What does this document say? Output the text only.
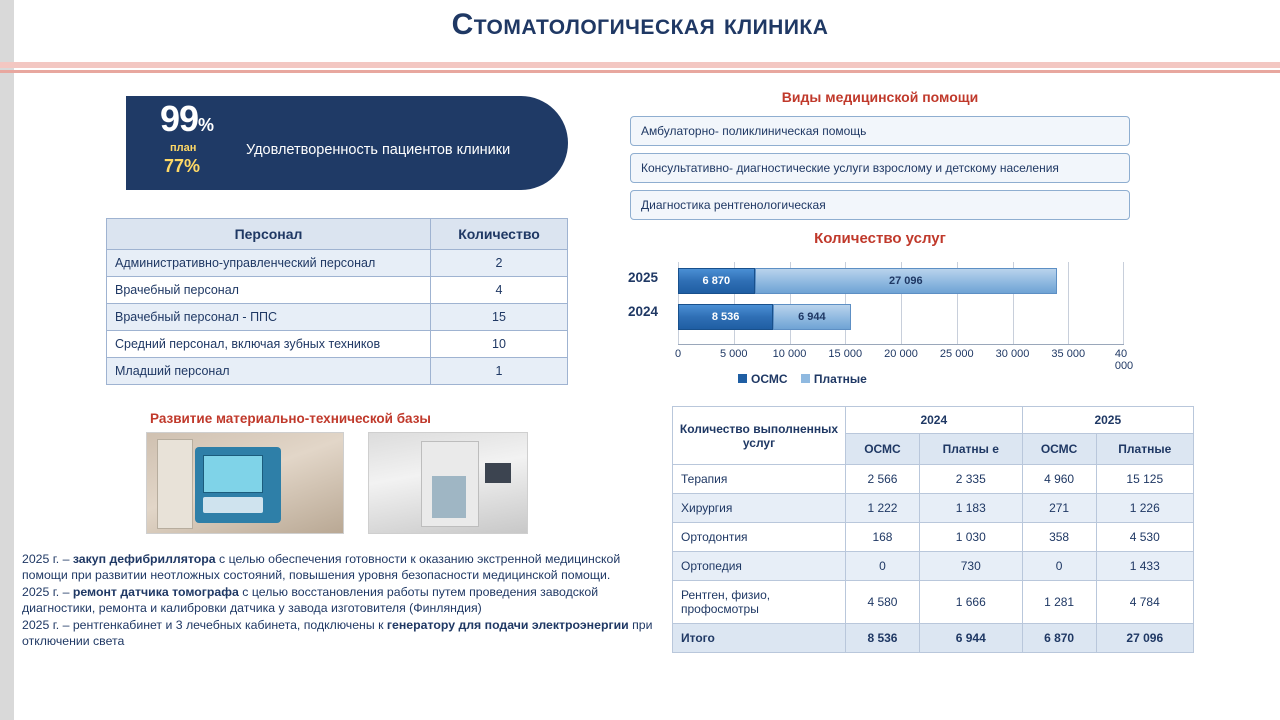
Стоматологическая клиника
99%
план
77%
Удовлетворенность пациентов клиники
Персонал	Количество
Административно-управленческий персонал	2
Врачебный персонал	4
Врачебный персонал - ППС	15
Средний персонал, включая зубных техников	10
Младший персонал	1
Развитие материально-технической базы

2025 г. – закуп дефибриллятора с целью обеспечения готовности к оказанию экстренной медицинской помощи при развитии неотложных состояний, повышения уровня безопасности медицинской помощи.

2025 г. – ремонт датчика томографа с целью восстановления работы путем проведения заводской диагностики, ремонта и калибровки датчика у завода изготовителя (Финляндия)

2025 г. – рентгенкабинет и 3 лечебных кабинета, подключены к генератору для подачи электроэнергии при отключении света

Виды медицинской помощи
Амбулаторно- поликлиническая помощь
Консультативно- диагностические услуги взрослому и детскому населения
Диагностика рентгенологическая
Количество услуг
2025
2024
6 870	27 096
8 536	6 944
0	5 000 10 000 15 000 20 000 25 000 30 000 35 000	40 000
ОСМС Платные
Количество выполненных услуг	2024		2025	
	ОСМС	Платны е	ОСМС	Платные
Терапия	2 566	2 335	4 960	15 125
Хирургия	1 222	1 183	271	1 226
Ортодонтия	168	1 030	358	4 530
Ортопедия	0	730	0	1 433
Рентген, физио, профосмотры	4 580	1 666	1 281	4 784
Итого	8 536	6 944	6 870	27 096
